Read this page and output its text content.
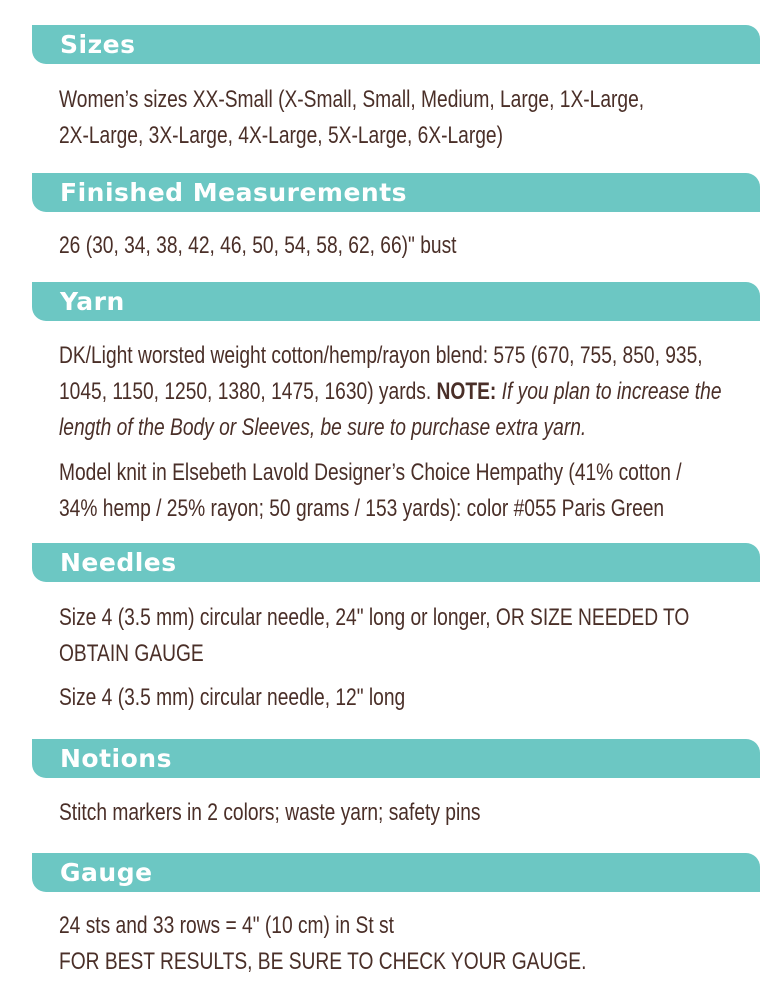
Sizes
Women’s sizes XX-Small (X-Small, Small, Medium, Large, 1X-Large,
2X-Large, 3X-Large, 4X-Large, 5X-Large, 6X-Large)
Finished Measurements
26 (30, 34, 38, 42, 46, 50, 54, 58, 62, 66)" bust
Yarn
DK/Light worsted weight cotton/hemp/rayon blend: 575 (670, 755, 850, 935,
1045, 1150, 1250, 1380, 1475, 1630) yards. NOTE: If you plan to increase the
length of the Body or Sleeves, be sure to purchase extra yarn.
Model knit in Elsebeth Lavold Designer’s Choice Hempathy (41% cotton /
34% hemp / 25% rayon; 50 grams / 153 yards): color #055 Paris Green
Needles
Size 4 (3.5 mm) circular needle, 24" long or longer, OR SIZE NEEDED TO
OBTAIN GAUGE
Size 4 (3.5 mm) circular needle, 12" long
Notions
Stitch markers in 2 colors; waste yarn; safety pins
Gauge
24 sts and 33 rows = 4" (10 cm) in St st
FOR BEST RESULTS, BE SURE TO CHECK YOUR GAUGE.
